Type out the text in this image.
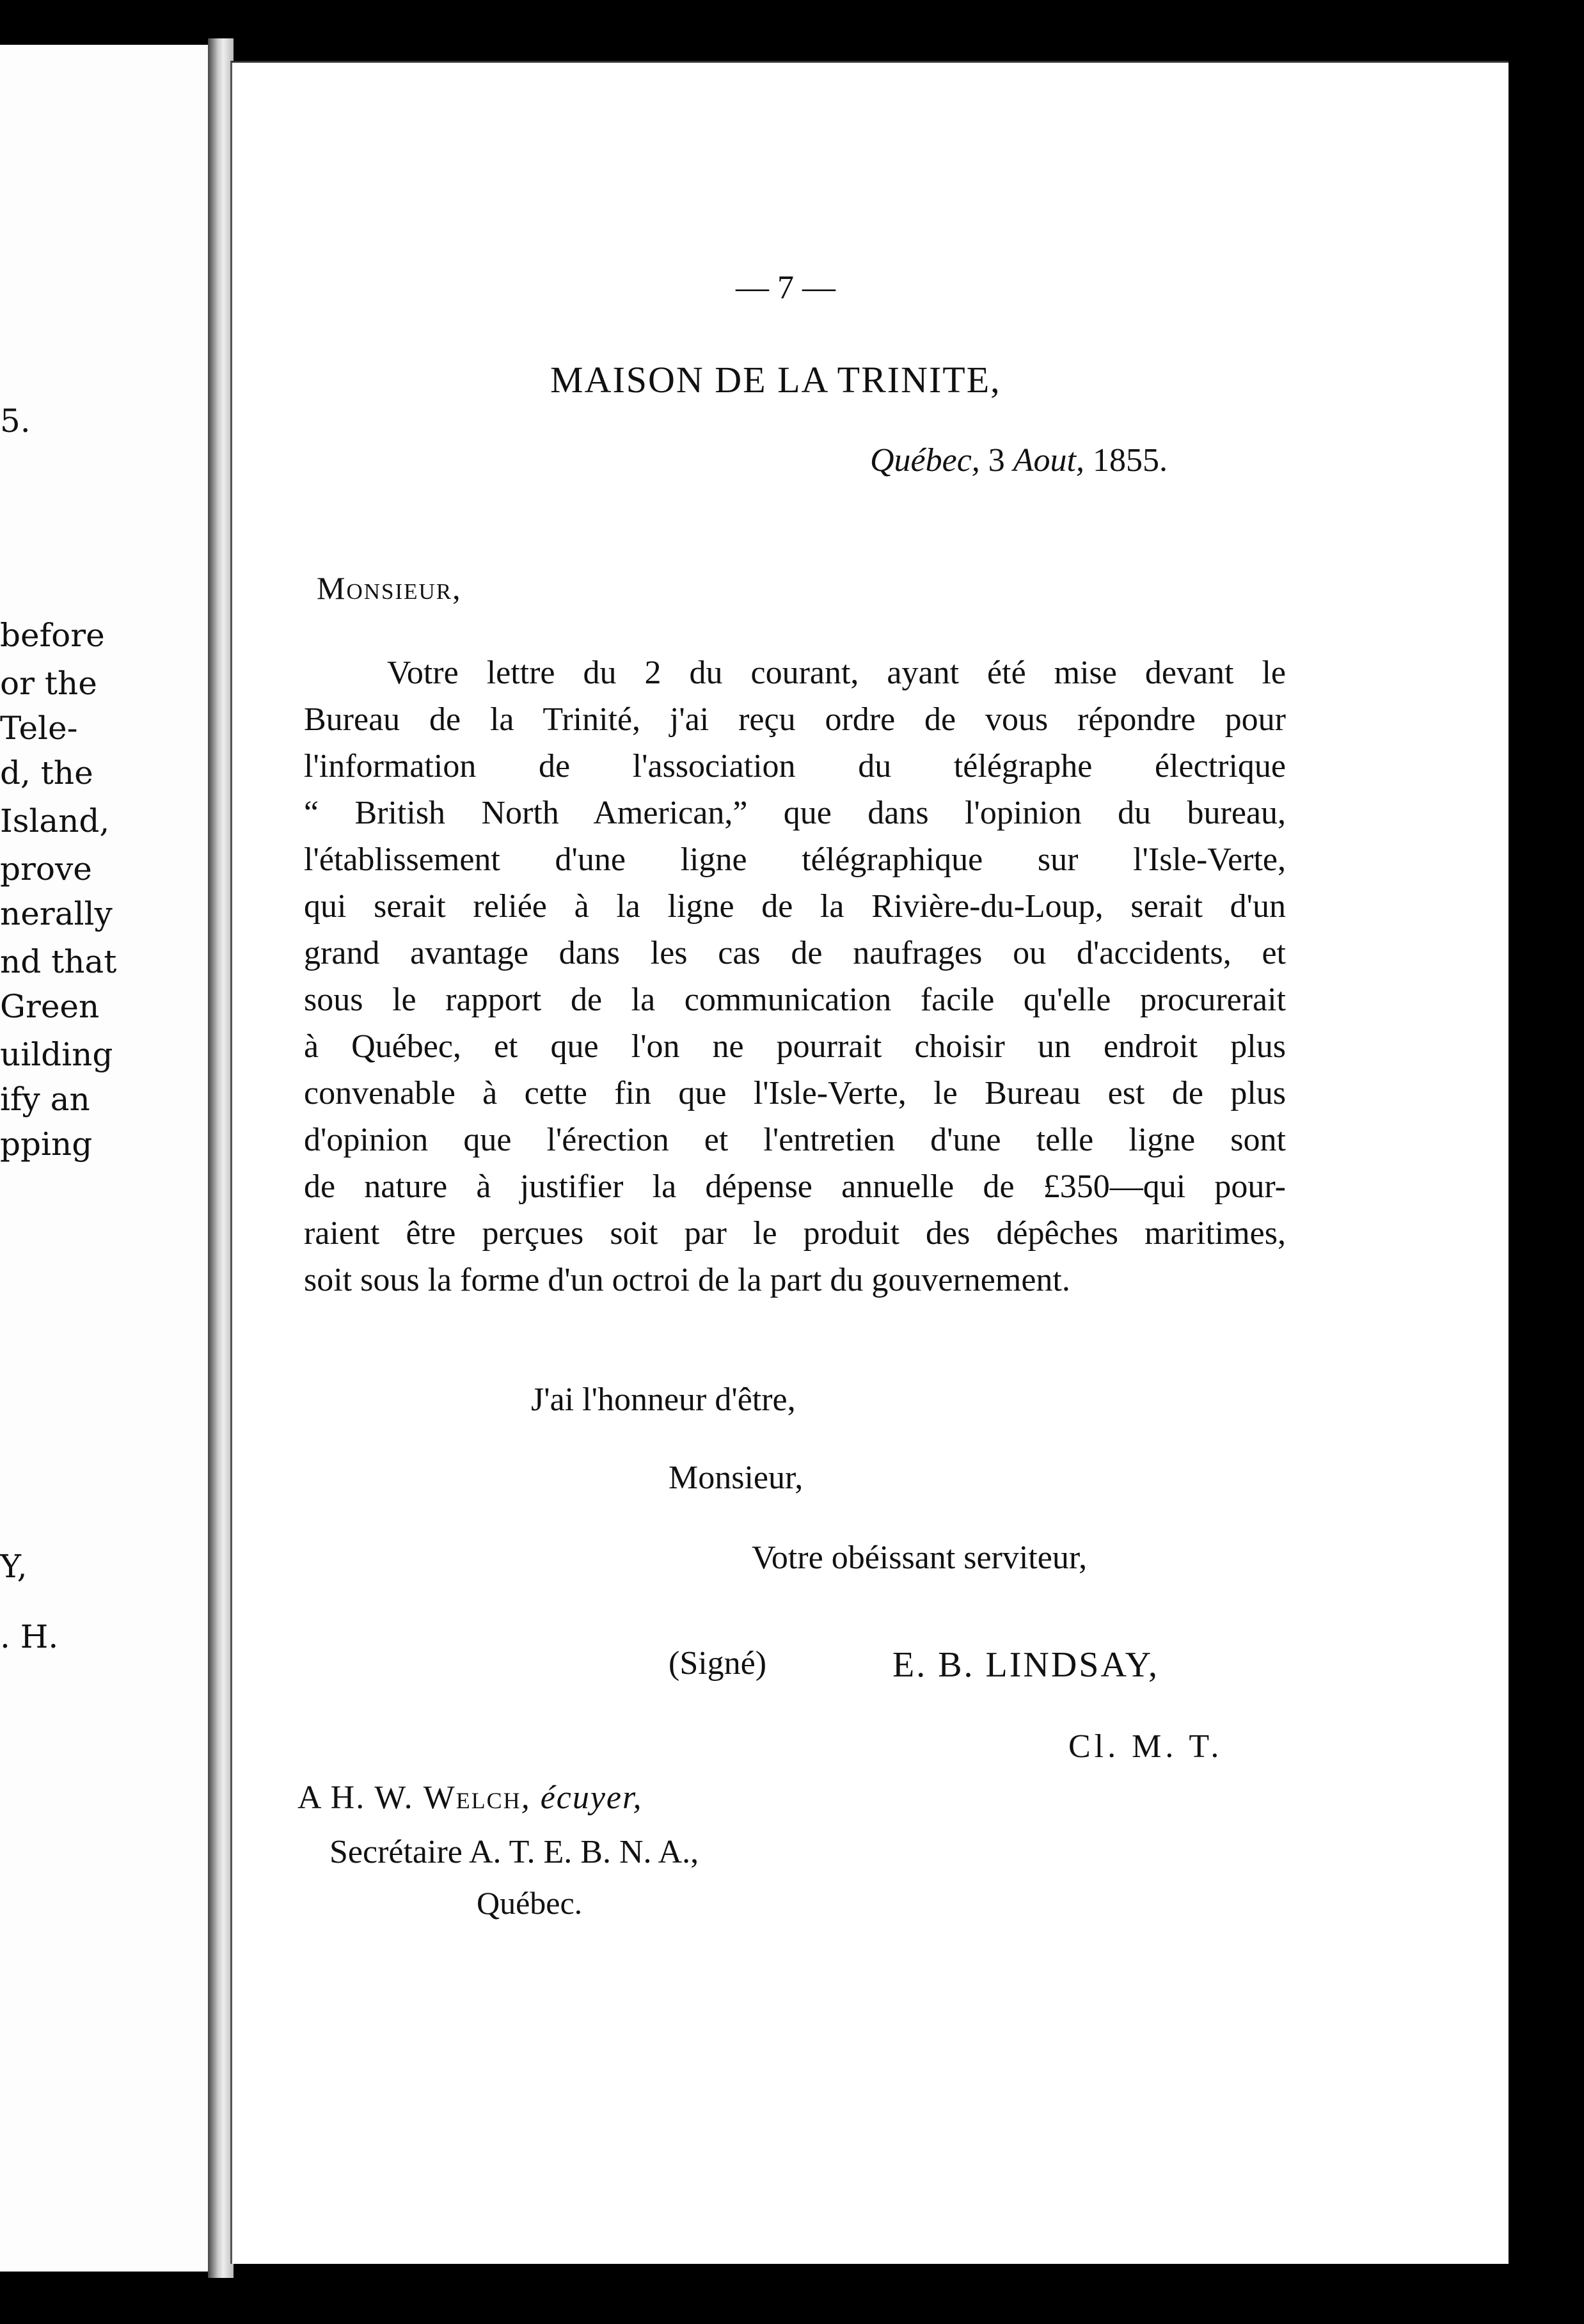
5.
before
or the
Tele-
d, the
Island,
prove
nerally
nd that
Green
uilding
ify an
pping
Y,
. H.
— 7 —
MAISON DE LA TRINITE,
Québec, 3 Aout, 1855.
Monsieur,
Votre lettre du 2 du courant, ayant été mise devant le
Bureau de la Trinité, j'ai reçu ordre de vous répondre pour
l'information de l'association du télégraphe électrique
“ British North American,” que dans l'opinion du bureau,
l'établissement d'une ligne télégraphique sur l'Isle-Verte,
qui serait reliée à la ligne de la Rivière-du-Loup, serait d'un
grand avantage dans les cas de naufrages ou d'accidents, et
sous le rapport de la communication facile qu'elle procurerait
à Québec, et que l'on ne pourrait choisir un endroit plus
convenable à cette fin que l'Isle-Verte, le Bureau est de plus
d'opinion que l'érection et l'entretien d'une telle ligne sont
de nature à justifier la dépense annuelle de £350—qui pour-
raient être perçues soit par le produit des dépêches maritimes,
soit sous la forme d'un octroi de la part du gouvernement.
J'ai l'honneur d'être,
Monsieur,
Votre obéissant serviteur,
(Signé)	E. B. LINDSAY,
Cl. M. T.
A H. W. Welch, écuyer,
Secrétaire A. T. E. B. N. A.,
Québec.
